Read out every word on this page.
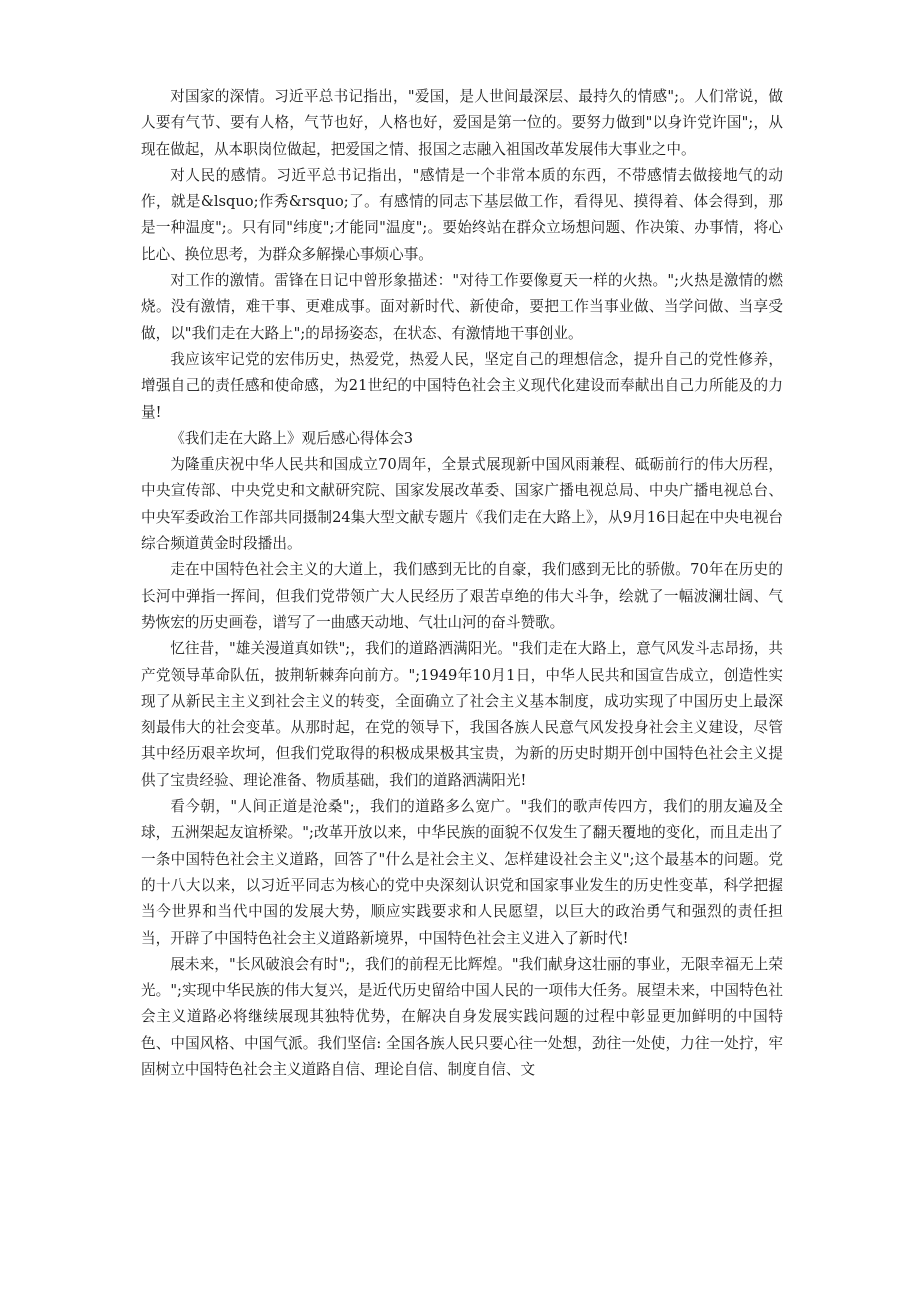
对国家的深情。习近平总书记指出，"爱国，是人世间最深层、最持久的情感";。人们常说，做人要有气节、要有人格，气节也好，人格也好，爱国是第一位的。要努力做到"以身许党许国";，从现在做起，从本职岗位做起，把爱国之情、报国之志融入祖国改革发展伟大事业之中。

对人民的感情。习近平总书记指出，"感情是一个非常本质的东西，不带感情去做接地气的动作，就是&lsquo;作秀&rsquo;了。有感情的同志下基层做工作，看得见、摸得着、体会得到，那是一种温度";。只有同"纬度";才能同"温度";。要始终站在群众立场想问题、作决策、办事情，将心比心、换位思考，为群众多解操心事烦心事。

对工作的激情。雷锋在日记中曾形象描述："对待工作要像夏天一样的火热。";火热是激情的燃烧。没有激情，难干事、更难成事。面对新时代、新使命，要把工作当事业做、当学问做、当享受做，以"我们走在大路上";的昂扬姿态，在状态、有激情地干事创业。

我应该牢记党的宏伟历史，热爱党，热爱人民，坚定自己的理想信念，提升自己的党性修养，增强自己的责任感和使命感，为21世纪的中国特色社会主义现代化建设而奉献出自己力所能及的力量!

《我们走在大路上》观后感心得体会3

为隆重庆祝中华人民共和国成立70周年，全景式展现新中国风雨兼程、砥砺前行的伟大历程，中央宣传部、中央党史和文献研究院、国家发展改革委、国家广播电视总局、中央广播电视总台、中央军委政治工作部共同摄制24集大型文献专题片《我们走在大路上》，从9月16日起在中央电视台综合频道黄金时段播出。

走在中国特色社会主义的大道上，我们感到无比的自豪，我们感到无比的骄傲。70年在历史的长河中弹指一挥间，但我们党带领广大人民经历了艰苦卓绝的伟大斗争，绘就了一幅波澜壮阔、气势恢宏的历史画卷，谱写了一曲感天动地、气壮山河的奋斗赞歌。

忆往昔，"雄关漫道真如铁";，我们的道路洒满阳光。"我们走在大路上，意气风发斗志昂扬，共产党领导革命队伍，披荆斩棘奔向前方。";1949年10月1日，中华人民共和国宣告成立，创造性实现了从新民主主义到社会主义的转变，全面确立了社会主义基本制度，成功实现了中国历史上最深刻最伟大的社会变革。从那时起，在党的领导下，我国各族人民意气风发投身社会主义建设，尽管其中经历艰辛坎坷，但我们党取得的积极成果极其宝贵，为新的历史时期开创中国特色社会主义提供了宝贵经验、理论准备、物质基础，我们的道路洒满阳光!

看今朝，"人间正道是沧桑";，我们的道路多么宽广。"我们的歌声传四方，我们的朋友遍及全球，五洲架起友谊桥梁。";改革开放以来，中华民族的面貌不仅发生了翻天覆地的变化，而且走出了一条中国特色社会主义道路，回答了"什么是社会主义、怎样建设社会主义";这个最基本的问题。党的十八大以来，以习近平同志为核心的党中央深刻认识党和国家事业发生的历史性变革，科学把握当今世界和当代中国的发展大势，顺应实践要求和人民愿望，以巨大的政治勇气和强烈的责任担当，开辟了中国特色社会主义道路新境界，中国特色社会主义进入了新时代!

展未来，"长风破浪会有时";，我们的前程无比辉煌。"我们献身这壮丽的事业，无限幸福无上荣光。";实现中华民族的伟大复兴，是近代历史留给中国人民的一项伟大任务。展望未来，中国特色社会主义道路必将继续展现其独特优势，在解决自身发展实践问题的过程中彰显更加鲜明的中国特色、中国风格、中国气派。我们坚信: 全国各族人民只要心往一处想，劲往一处使，力往一处拧，牢固树立中国特色社会主义道路自信、理论自信、制度自信、文
